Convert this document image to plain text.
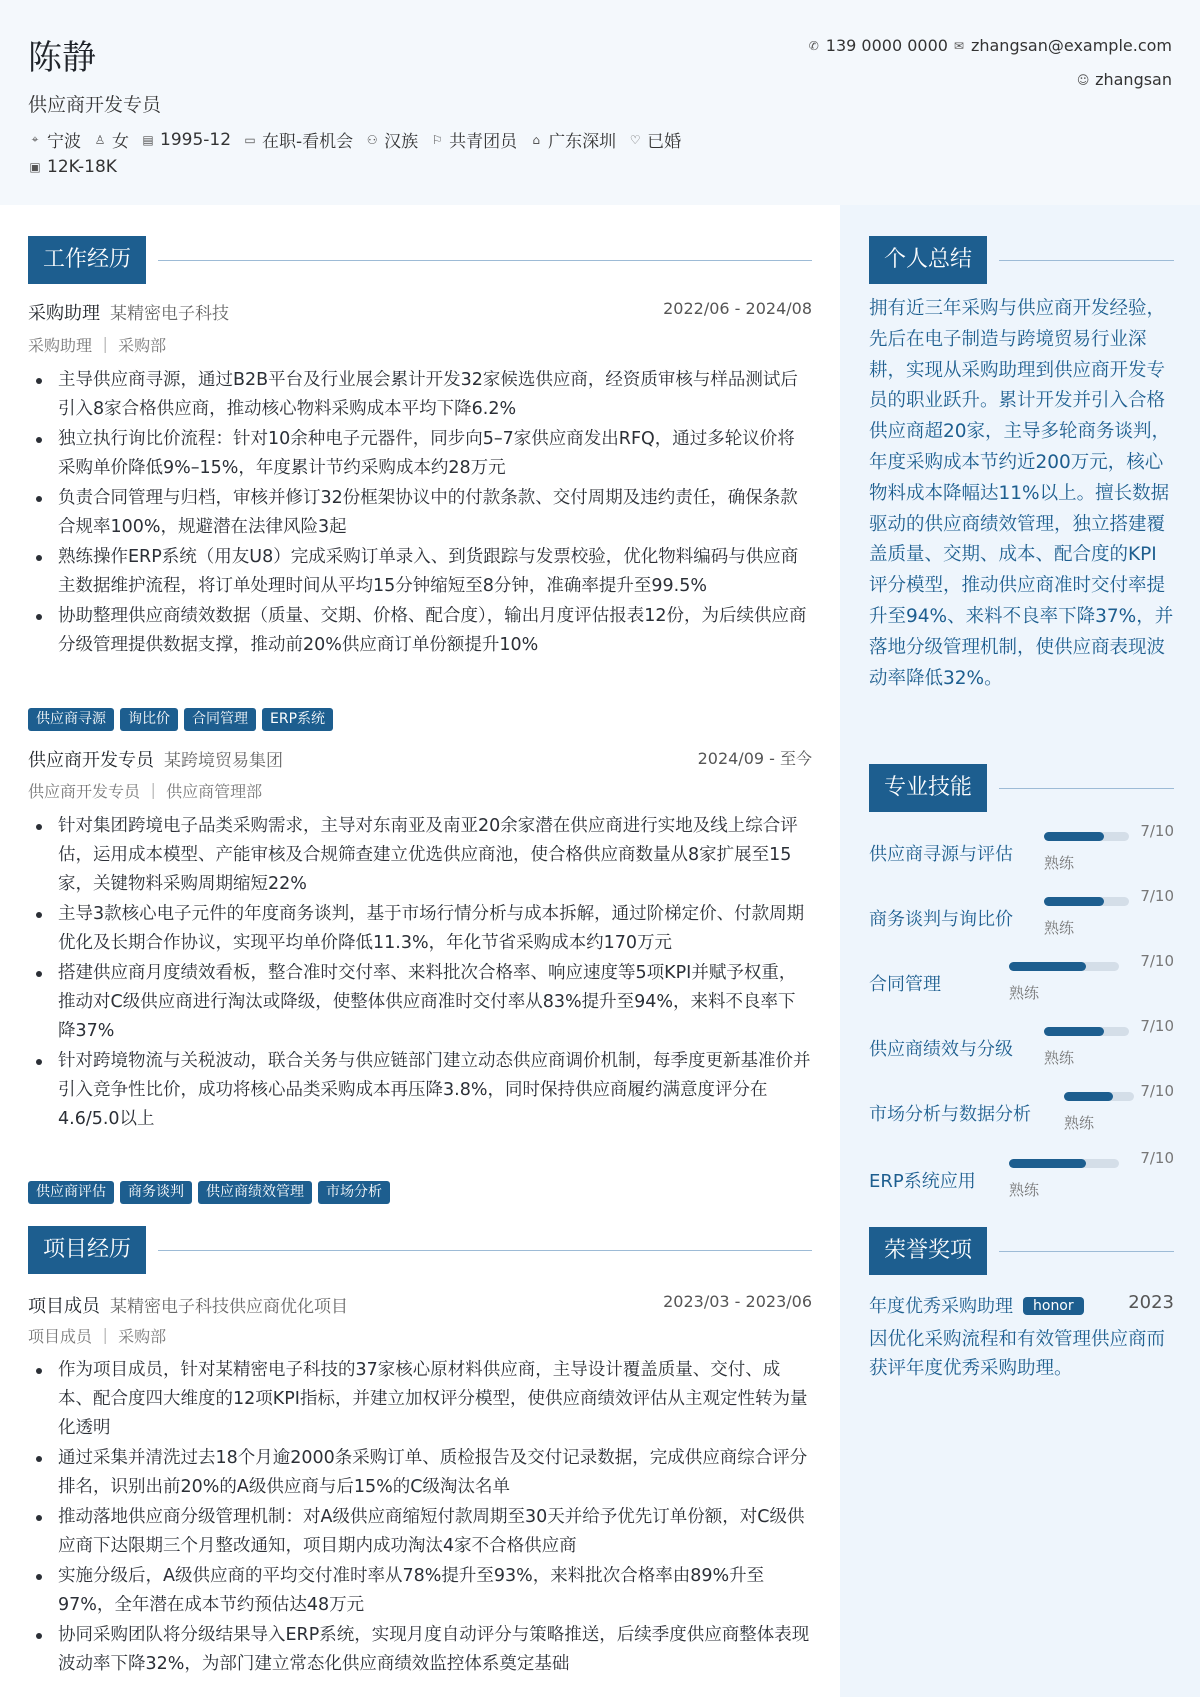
陈静
供应商开发专员
⌖ 宁波 ♙ 女 ▤ 1995-12 ▭ 在职-看机会 ⚇ 汉族 ⚐ 共青团员 ⌂ 广东深圳 ♡ 已婚
▣ 12K-18K
✆ 139 0000 0000 ✉ zhangsan@example.com
☺ zhangsan
工作经历
采购助理 某精密电子科技	2022/06 - 2024/08
采购助理 ｜ 采购部
主导供应商寻源，通过B2B平台及行业展会累计开发32家候选供应商，经资质审核与样品测试后引入8家合格供应商，推动核心物料采购成本平均下降6.2%
独立执行询比价流程：针对10余种电子元器件，同步向5–7家供应商发出RFQ，通过多轮议价将采购单价降低9%–15%，年度累计节约采购成本约28万元
负责合同管理与归档，审核并修订32份框架协议中的付款条款、交付周期及违约责任，确保条款合规率100%，规避潜在法律风险3起
熟练操作ERP系统（用友U8）完成采购订单录入、到货跟踪与发票校验，优化物料编码与供应商主数据维护流程，将订单处理时间从平均15分钟缩短至8分钟，准确率提升至99.5%
协助整理供应商绩效数据（质量、交期、价格、配合度），输出月度评估报表12份，为后续供应商分级管理提供数据支撑，推动前20%供应商订单份额提升10%
供应商寻源	询比价	合同管理	ERP系统
供应商开发专员 某跨境贸易集团	2024/09 - 至今
供应商开发专员 ｜ 供应商管理部
针对集团跨境电子品类采购需求，主导对东南亚及南亚20余家潜在供应商进行实地及线上综合评估，运用成本模型、产能审核及合规筛查建立优选供应商池，使合格供应商数量从8家扩展至15家，关键物料采购周期缩短22%
主导3款核心电子元件的年度商务谈判，基于市场行情分析与成本拆解，通过阶梯定价、付款周期优化及长期合作协议，实现平均单价降低11.3%，年化节省采购成本约170万元
搭建供应商月度绩效看板，整合准时交付率、来料批次合格率、响应速度等5项KPI并赋予权重，推动对C级供应商进行淘汰或降级，使整体供应商准时交付率从83%提升至94%，来料不良率下降37%
针对跨境物流与关税波动，联合关务与供应链部门建立动态供应商调价机制，每季度更新基准价并引入竞争性比价，成功将核心品类采购成本再压降3.8%，同时保持供应商履约满意度评分在4.6/5.0以上
供应商评估	商务谈判	供应商绩效管理	市场分析
项目经历
项目成员 某精密电子科技供应商优化项目	2023/03 - 2023/06
项目成员 ｜ 采购部
作为项目成员，针对某精密电子科技的37家核心原材料供应商，主导设计覆盖质量、交付、成本、配合度四大维度的12项KPI指标，并建立加权评分模型，使供应商绩效评估从主观定性转为量化透明
通过采集并清洗过去18个月逾2000条采购订单、质检报告及交付记录数据，完成供应商综合评分排名，识别出前20%的A级供应商与后15%的C级淘汰名单
推动落地供应商分级管理机制：对A级供应商缩短付款周期至30天并给予优先订单份额，对C级供应商下达限期三个月整改通知，项目期内成功淘汰4家不合格供应商
实施分级后，A级供应商的平均交付准时率从78%提升至93%，来料批次合格率由89%升至97%，全年潜在成本节约预估达48万元
协同采购团队将分级结果导入ERP系统，实现月度自动评分与策略推送，后续季度供应商整体表现波动率下降32%，为部门建立常态化供应商绩效监控体系奠定基础
个人总结
拥有近三年采购与供应商开发经验，先后在电子制造与跨境贸易行业深耕，实现从采购助理到供应商开发专员的职业跃升。累计开发并引入合格供应商超20家，主导多轮商务谈判，年度采购成本节约近200万元，核心物料成本降幅达11%以上。擅长数据驱动的供应商绩效管理，独立搭建覆盖质量、交期、成本、配合度的KPI评分模型，推动供应商准时交付率提升至94%、来料不良率下降37%，并落地分级管理机制，使供应商表现波动率降低32%。
专业技能
供应商寻源与评估 熟练
7/10
商务谈判与询比价 熟练
7/10
合同管理	熟练
7/10
供应商绩效与分级 熟练
7/10
市场分析与数据分析 熟练
7/10
ERP系统应用 熟练
7/10
荣誉奖项
年度优秀采购助理 honor	2023
因优化采购流程和有效管理供应商而获评年度优秀采购助理。
